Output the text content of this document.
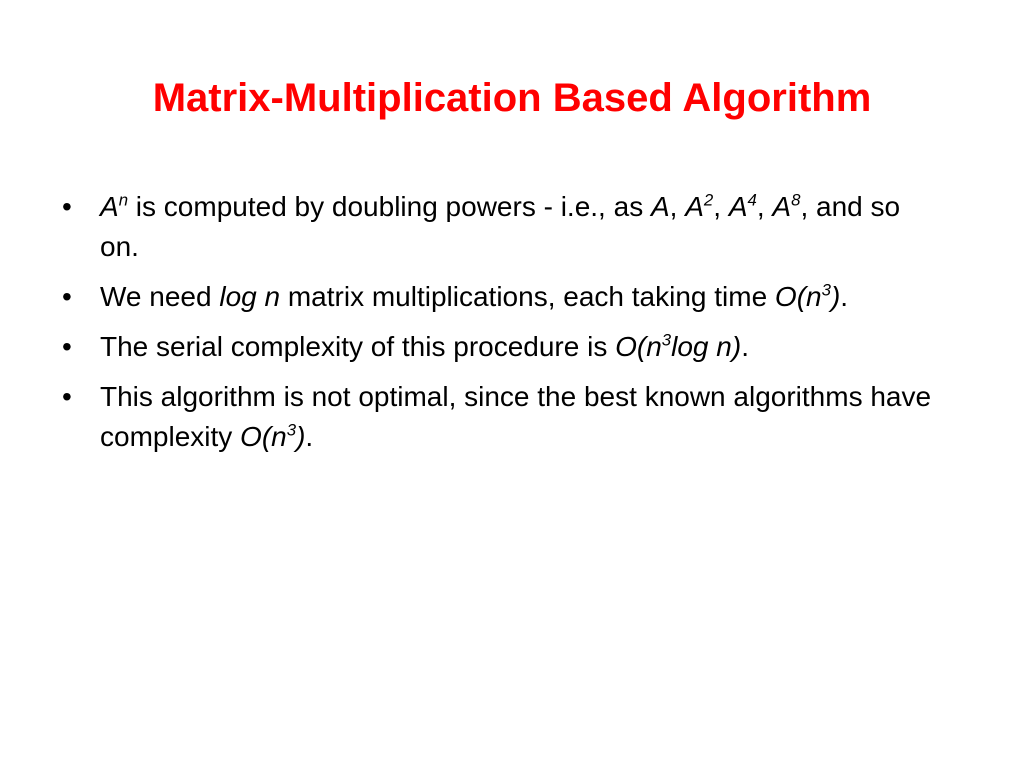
Matrix-Multiplication Based Algorithm
•	$A^n$ is computed by doubling powers - i.e., as A, $A^2$, $A^4$, $A^8$, and so on.
•	We need log n matrix multiplications, each taking time $O(n^3)$.
•	The serial complexity of this procedure is $O(n^3\log$ n).
•	This algorithm is not optimal, since the best known algorithms have complexity $O(n^3)$.
